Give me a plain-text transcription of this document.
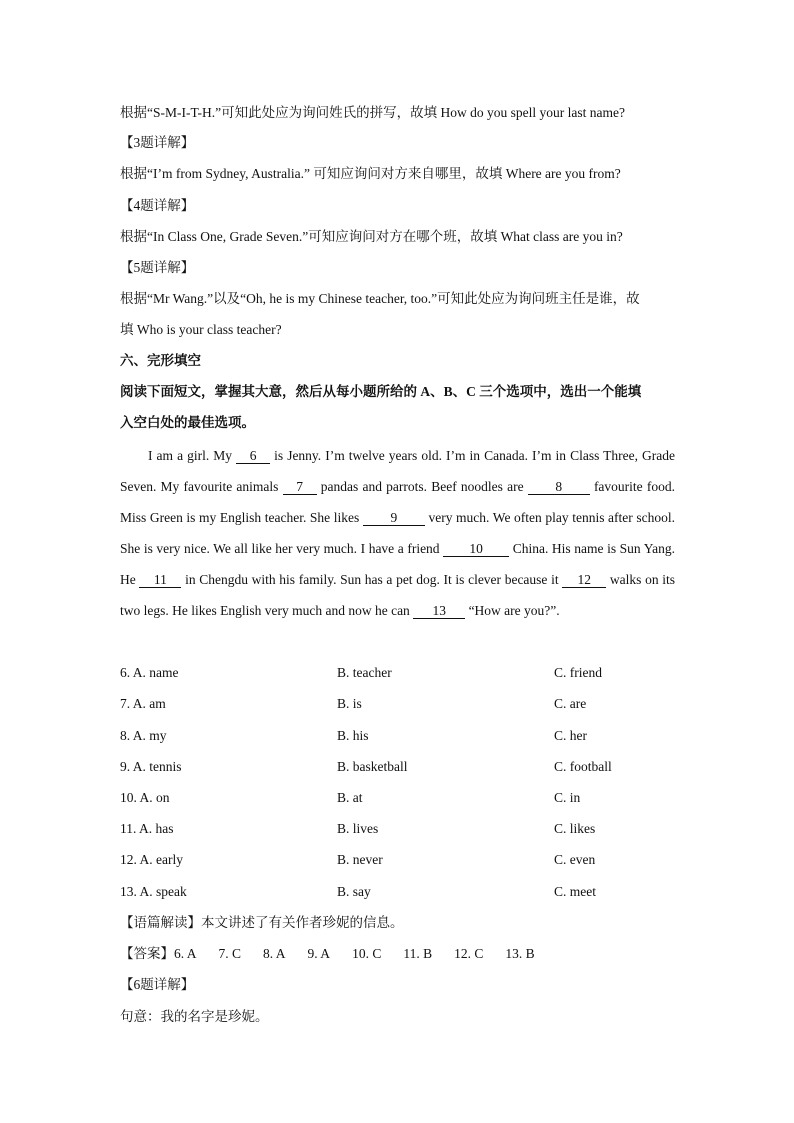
根据“S-M-I-T-H.”可知此处应为询问姓氏的拼写，故填 How do you spell your last name?
【3题详解】
根据“I’m from Sydney, Australia.” 可知应询问对方来自哪里，故填 Where are you from?
【4题详解】
根据“In Class One, Grade Seven.”可知应询问对方在哪个班，故填 What class are you in?
【5题详解】
根据“Mr Wang.”以及“Oh, he is my Chinese teacher, too.”可知此处应为询问班主任是谁，故
填 Who is your class teacher?
六、完形填空
阅读下面短文，掌握其大意，然后从每小题所给的 A、B、C 三个选项中，选出一个能填
入空白处的最佳选项。
I am a girl. My 6 is Jenny. I’m twelve years old. I’m in Canada. I’m in Class Three, Grade Seven. My favourite animals 7 pandas and parrots. Beef noodles are 8 favourite food. Miss Green is my English teacher. She likes 9 very much. We often play tennis after school. She is very nice. We all like her very much. I have a friend 10 China. His name is Sun Yang. He 11 in Chengdu with his family. Sun has a pet dog. It is clever because it 12 walks on its two legs. He likes English very much and now he can 13 “How are you?”.
6. A. name	B. teacher	C. friend
7. A. am	B. is	C. are
8. A. my	B. his	C. her
9. A. tennis	B. basketball	C. football
10. A. on	B. at	C. in
11. A. has	B. lives	C. likes
12. A. early	B. never	C. even
13. A. speak	B. say	C. meet
【语篇解读】本文讲述了有关作者珍妮的信息。
【答案】6. A 7. C 8. A 9. A 10. C 11. B 12. C 13. B
【6题详解】
句意：我的名字是珍妮。
